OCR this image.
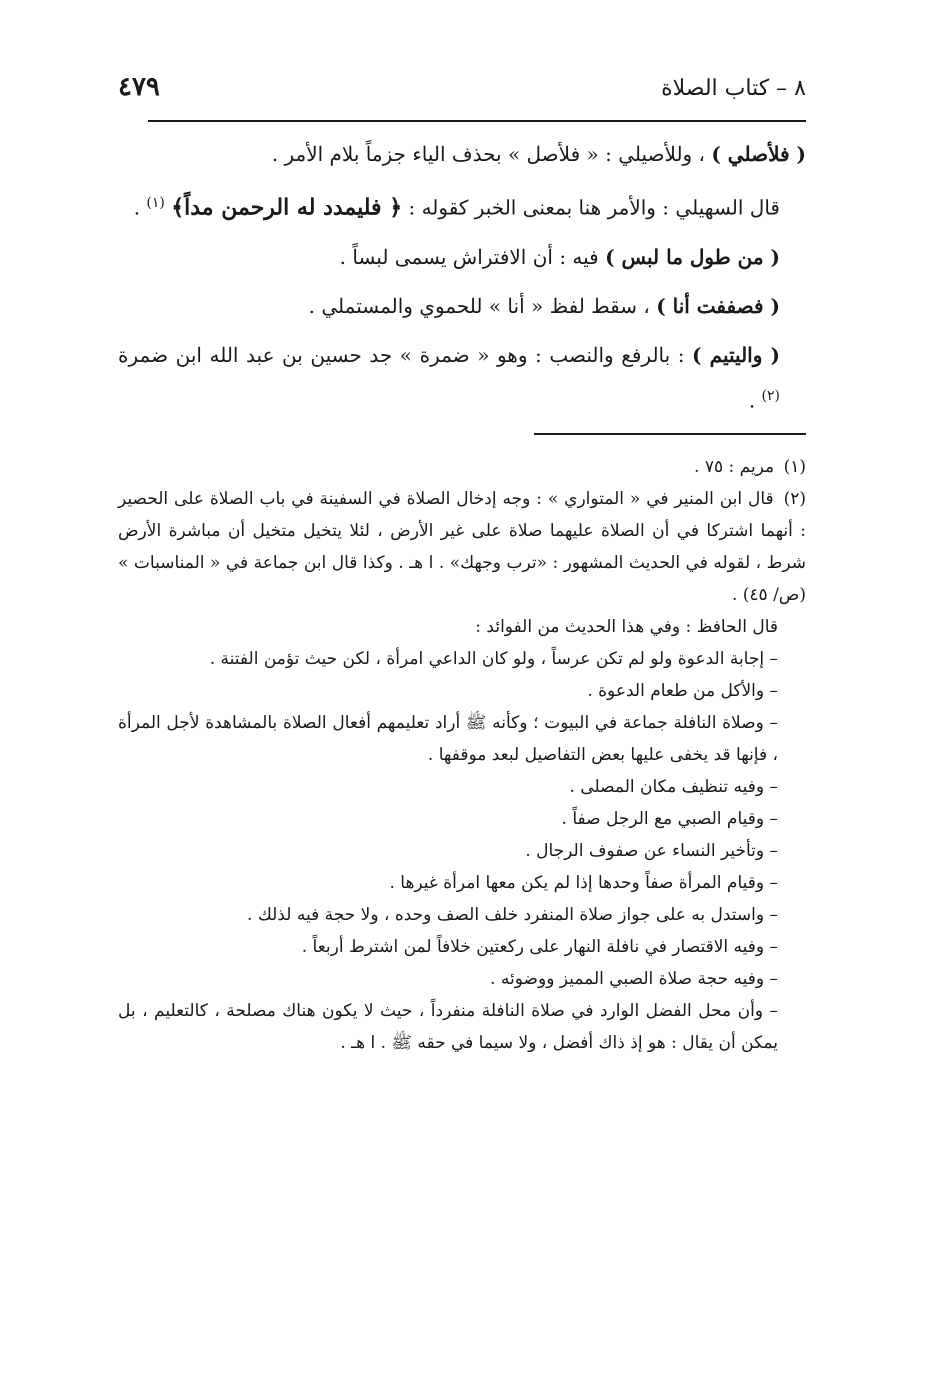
٨ – كتاب الصلاة
٤٧٩

( فلأصلي ) ، وللأصيلي : « فلأصل » بحذف الياء جزماً بلام الأمر .

قال السهيلي : والأمر هنا بمعنى الخبر كقوله : ﴿ فليمدد له الرحمن مداً﴾ $^{(١)}$ .

( من طول ما لبس ) فيه : أن الافتراش يسمى لبساً .

( فصففت أنا ) ، سقط لفظ « أنا » للحموي والمستملي .

( واليتيم ) : بالرفع والنصب : وهو « ضمرة » جد حسين بن عبد الله ابن ضمرة $^{(٢)}$ .

(١) مريم : ٧٥ .

(٢) قال ابن المنير في « المتواري » : وجه إدخال الصلاة في السفينة في باب الصلاة على الحصير : أنهما اشتركا في أن الصلاة عليهما صلاة على غير الأرض ، لئلا يتخيل متخيل أن مباشرة الأرض شرط ، لقوله في الحديث المشهور : «ترب وجهك» . ا هـ . وكذا قال ابن جماعة في « المناسبات » (ص/ ٤٥) .

قال الحافظ : وفي هذا الحديث من الفوائد :

– إجابة الدعوة ولو لم تكن عرساً ، ولو كان الداعي امرأة ، لكن حيث تؤمن الفتنة .

– والأكل من طعام الدعوة .

– وصلاة النافلة جماعة في البيوت ؛ وكأنه ﷺ أراد تعليمهم أفعال الصلاة بالمشاهدة لأجل المرأة ، فإنها قد يخفى عليها بعض التفاصيل لبعد موقفها .

– وفيه تنظيف مكان المصلى .

– وقيام الصبي مع الرجل صفاً .

– وتأخير النساء عن صفوف الرجال .

– وقيام المرأة صفاً وحدها إذا لم يكن معها امرأة غيرها .

– واستدل به على جواز صلاة المنفرد خلف الصف وحده ، ولا حجة فيه لذلك .

– وفيه الاقتصار في نافلة النهار على ركعتين خلافاً لمن اشترط أربعاً .

– وفيه حجة صلاة الصبي المميز ووضوئه .

– وأن محل الفضل الوارد في صلاة النافلة منفرداً ، حيث لا يكون هناك مصلحة ، كالتعليم ، بل يمكن أن يقال : هو إذ ذاك أفضل ، ولا سيما في حقه ﷺ . ا هـ .
